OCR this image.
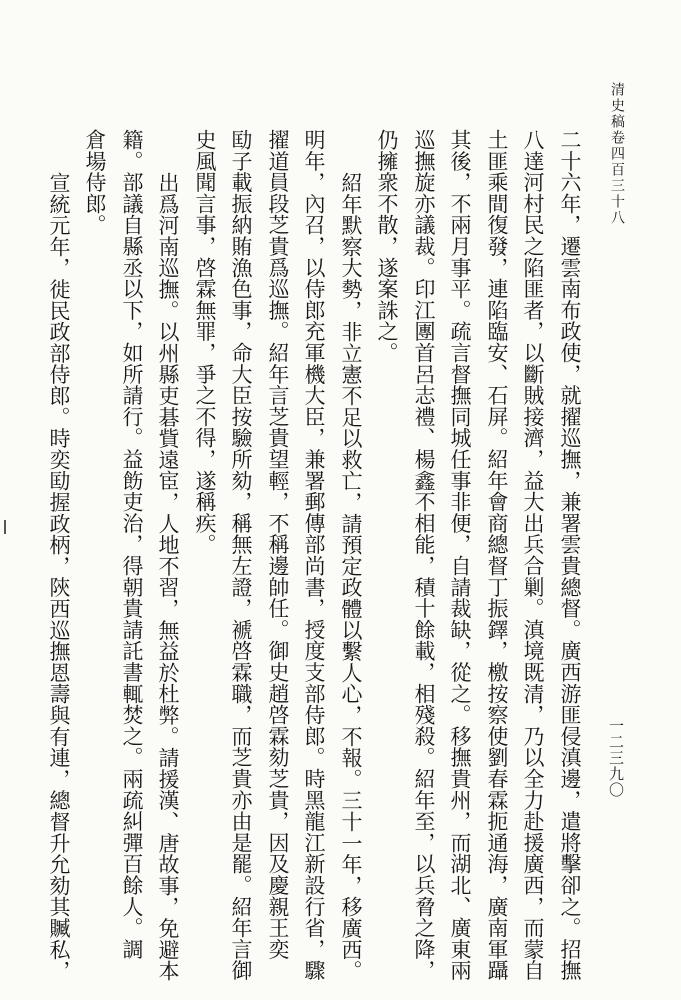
清史稿卷四百三十八
一二三九〇
二十六年，遷雲南布政使，就擢巡撫，兼署雲貴總督。廣西游匪侵滇邊，遣將擊卻之。招撫
八達河村民之陷匪者，以斷賊接濟，益大出兵合剿。滇境既清，乃以全力赴援廣西，而蒙自
土匪乘間復發，連陷臨安、石屏。紹年會商總督丁振鐸，檄按察使劉春霖扼通海，廣南軍躡
其後，不兩月事平。疏言督撫同城任事非便，自請裁缺，從之。移撫貴州，而湖北、廣東兩
巡撫旋亦議裁。印江團首呂志禮、楊鑫不相能，積十餘載，相殘殺。紹年至，以兵脅之降，
仍擁衆不散，遂案誅之。
紹年默察大勢，非立憲不足以救亡，請預定政體以繫人心，不報。三十一年，移廣西。
明年，內召，以侍郎充軍機大臣，兼署郵傳部尚書，授度支部侍郎。時黑龍江新設行省，驟
擢道員段芝貴爲巡撫。紹年言芝貴望輕，不稱邊帥任。御史趙啓霖劾芝貴，因及慶親王奕
劻子載振納賄漁色事，命大臣按驗所劾，稱無左證，褫啓霖職，而芝貴亦由是罷。紹年言御
史風聞言事，啓霖無罪，爭之不得，遂稱疾。
出爲河南巡撫。以州縣吏碁貲遠宦，人地不習，無益於杜弊。請援漢、唐故事，免避本
籍。部議自縣丞以下，如所請行。益飭吏治，得朝貴請託書輒焚之。兩疏糾彈百餘人。調
倉場侍郎。
宣統元年，徙民政部侍郎。時奕劻握政柄，陝西巡撫恩壽與有連，總督升允劾其贓私，
